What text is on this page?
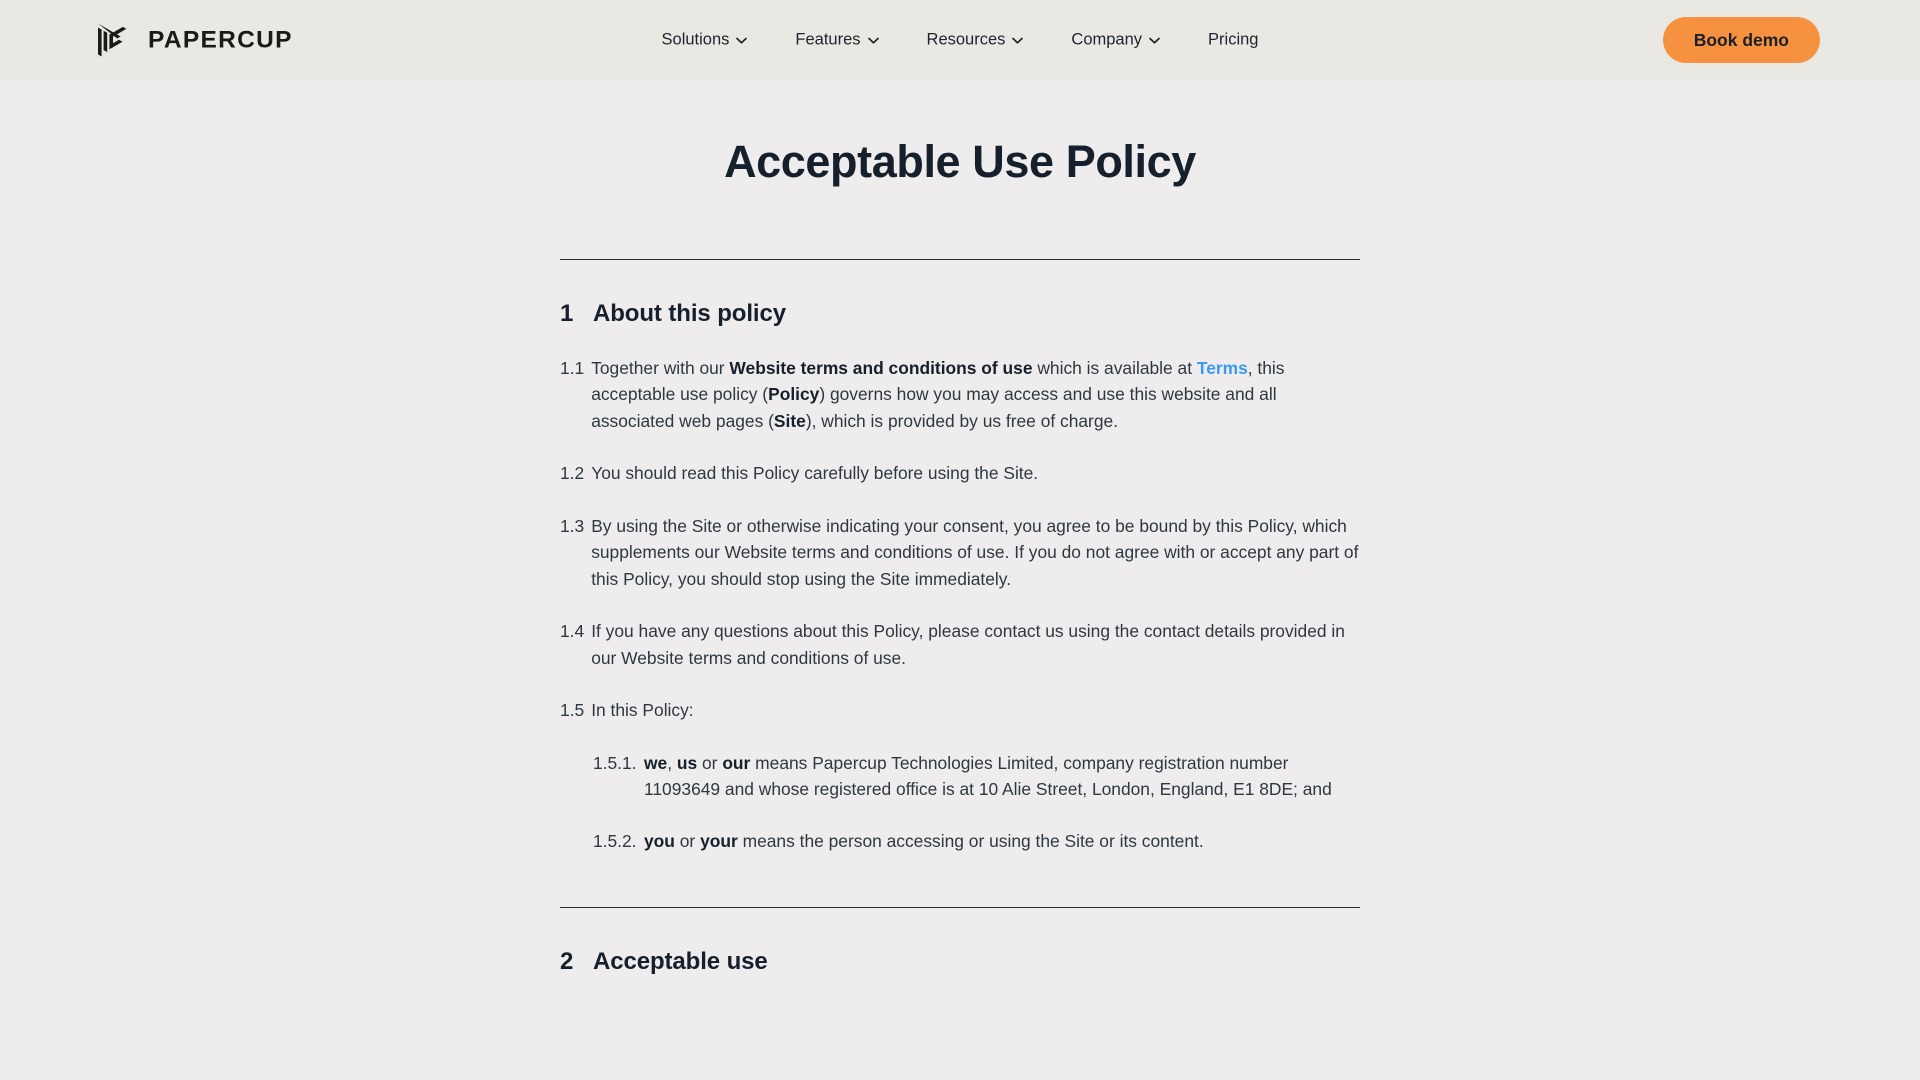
PAPERCUP	Solutions	Features	Resources	Company	Pricing	Book demo
Acceptable Use Policy
1 About this policy
1.1 Together with our Website terms and conditions of use which is available at Terms, this acceptable use policy (Policy) governs how you may access and use this website and all associated web pages (Site), which is provided by us free of charge.
1.2 You should read this Policy carefully before using the Site.
1.3 By using the Site or otherwise indicating your consent, you agree to be bound by this Policy, which supplements our Website terms and conditions of use. If you do not agree with or accept any part of this Policy, you should stop using the Site immediately.
1.4 If you have any questions about this Policy, please contact us using the contact details provided in our Website terms and conditions of use.
1.5 In this Policy:
1.5.1. we, us or our means Papercup Technologies Limited, company registration number 11093649 and whose registered office is at 10 Alie Street, London, England, E1 8DE; and
1.5.2. you or your means the person accessing or using the Site or its content.
2 Acceptable use
